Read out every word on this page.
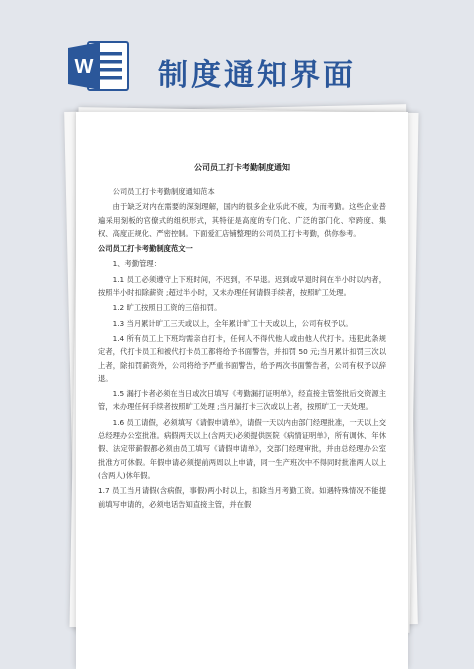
W 制度通知界面
公司员工打卡考勤制度通知
公司员工打卡考勤制度通知范本
由于缺乏对内在需要的深刻理解，国内的很多企业乐此不疲，为而考勤。这些企业普遍采用刻板的官僚式的组织形式，其特征是高度的专门化、广泛的部门化、窄跨度、集权、高度正规化、严密控制。下面爱汇店铺整理的公司员工打卡考勤，供你参考。
公司员工打卡考勤制度范文一
1、考勤管理：
1.1 员工必须遵守上下班时间，不迟到，不早退。迟到或早退时间在半小时以内者，按照半小时扣除薪资 ;超过半小时，又未办理任何请假手续者，按照旷工处理。
1.2 旷工按照日工资的三倍扣罚。
1.3 当月累计旷工三天或以上，全年累计旷工十天或以上，公司有权予以。
1.4 所有员工上下班均需亲自打卡，任何人不得代他人或由他人代打卡。违犯此条规定者，代打卡员工和被代打卡员工都将给予书面警告，并扣罚 50 元;当月累计扣罚三次以上者，除扣罚薪资外，公司将给予严重书面警告，给予两次书面警告者，公司有权予以辞退。
1.5 漏打卡者必须在当日或次日填写《考勤漏打证明单》，经直接主管签批后交资源主管，未办理任何手续者按照旷工处理 ;当月漏打卡三次或以上者，按照旷工一天处理。
1.6 员工请假，必须填写《请假申请单》，请假一天以内由部门经理批准，一天以上交总经理办公室批准。病假两天以上(含两天)必须提供医院《病情证明单》，所有调休、年休假、法定带薪假都必须由员工填写《请假申请单》，交部门经理审批，并由总经理办公室批准方可休假。年假申请必须提前两周以上申请，同一生产班次中不得同时批准两人以上(含两人)休年假。
1.7 员工当月请假(含病假，事假)两小时以上，扣除当月考勤工资。如遇特殊情况不能提前填写申请的，必须电话告知直接主管，并在假
